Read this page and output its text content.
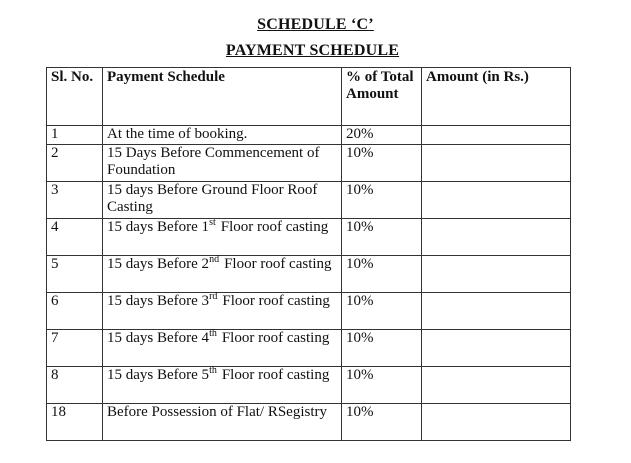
SCHEDULE ‘C’
PAYMENT SCHEDULE
Sl. No.	Payment Schedule	% of Total Amount	Amount (in Rs.)
1	At the time of booking.	20%	
2	15 Days Before Commencement of Foundation	10%	
3	15 days Before Ground Floor Roof Casting	10%	
4	15 days Before 1st Floor roof casting	10%	
5	15 days Before 2nd Floor roof casting	10%	
6	15 days Before 3rd Floor roof casting	10%	
7	15 days Before 4th Floor roof casting	10%	
8	15 days Before 5th Floor roof casting	10%	
18	Before Possession of Flat/ RSegistry	10%	
